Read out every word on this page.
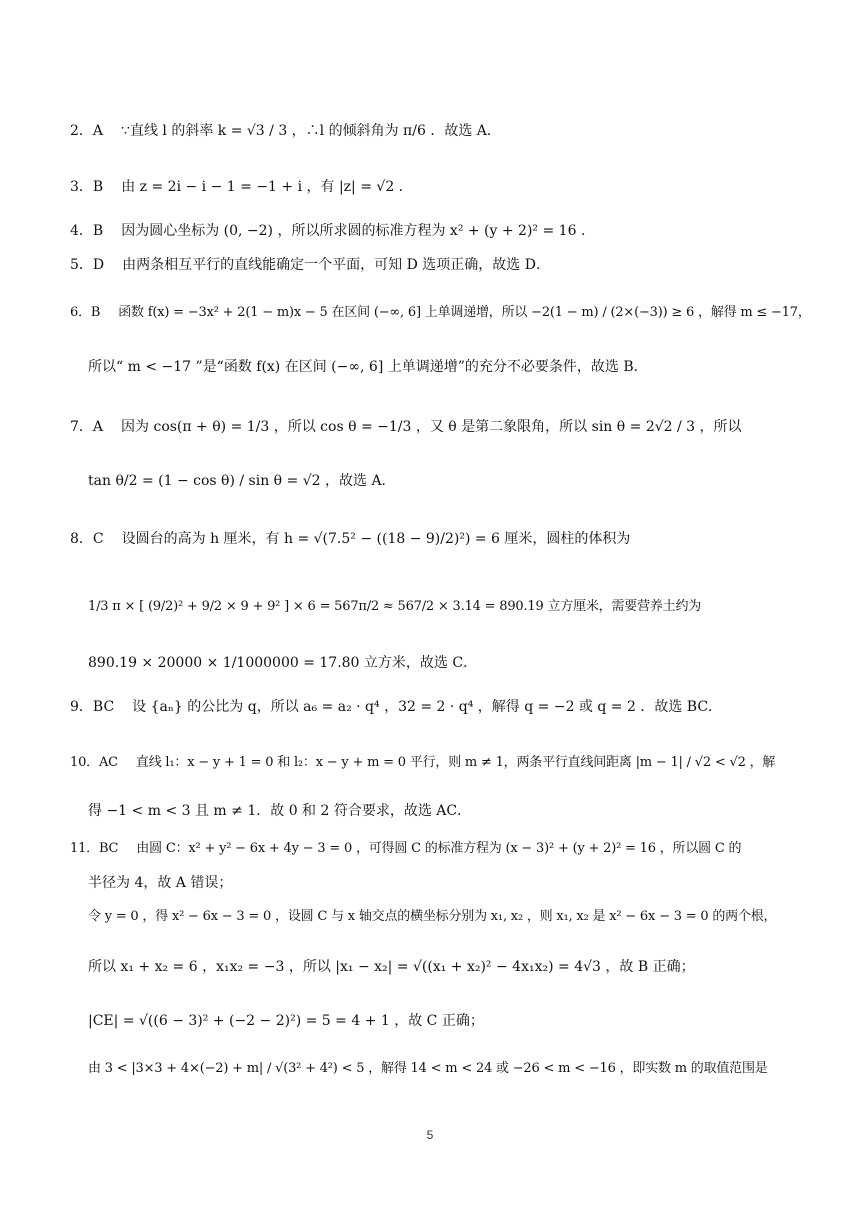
2．A ∵直线 l 的斜率 k = √3 / 3 ，∴l 的倾斜角为 π/6 ．故选 A．
3．B 由 z = 2i − i − 1 = −1 + i ，有 |z| = √2 ．
4．B 因为圆心坐标为 (0, −2) ，所以所求圆的标准方程为 x² + (y + 2)² = 16 ．
5．D 由两条相互平行的直线能确定一个平面，可知 D 选项正确，故选 D．
6．B 函数 f(x) = −3x² + 2(1 − m)x − 5 在区间 (−∞, 6] 上单调递增，所以 −2(1 − m) / (2×(−3)) ≥ 6 ，解得 m ≤ −17，
所以“ m < −17 ”是“函数 f(x) 在区间 (−∞, 6] 上单调递增”的充分不必要条件，故选 B．
7．A 因为 cos(π + θ) = 1/3 ，所以 cos θ = −1/3 ，又 θ 是第二象限角，所以 sin θ = 2√2 / 3 ，所以
tan θ/2 = (1 − cos θ) / sin θ = √2 ，故选 A．
8．C 设圆台的高为 h 厘米，有 h = √(7.5² − ((18 − 9)/2)²) = 6 厘米，圆柱的体积为
1/3 π × [ (9/2)² + 9/2 × 9 + 9² ] × 6 = 567π/2 ≈ 567/2 × 3.14 = 890.19 立方厘米，需要营养土约为
890.19 × 20000 × 1/1000000 = 17.80 立方米，故选 C．
9．BC 设 {aₙ} 的公比为 q，所以 a₆ = a₂ · q⁴ ，32 = 2 · q⁴ ，解得 q = −2 或 q = 2 ．故选 BC．
10．AC 直线 l₁：x − y + 1 = 0 和 l₂：x − y + m = 0 平行，则 m ≠ 1，两条平行直线间距离 |m − 1| / √2 < √2 ，解
得 −1 < m < 3 且 m ≠ 1．故 0 和 2 符合要求，故选 AC．
11．BC 由圆 C：x² + y² − 6x + 4y − 3 = 0 ，可得圆 C 的标准方程为 (x − 3)² + (y + 2)² = 16 ，所以圆 C 的
半径为 4，故 A 错误；
令 y = 0 ，得 x² − 6x − 3 = 0 ，设圆 C 与 x 轴交点的横坐标分别为 x₁, x₂ ，则 x₁, x₂ 是 x² − 6x − 3 = 0 的两个根，
所以 x₁ + x₂ = 6 ，x₁x₂ = −3 ，所以 |x₁ − x₂| = √((x₁ + x₂)² − 4x₁x₂) = 4√3 ，故 B 正确；
|CE| = √((6 − 3)² + (−2 − 2)²) = 5 = 4 + 1 ，故 C 正确；
由 3 < |3×3 + 4×(−2) + m| / √(3² + 4²) < 5 ，解得 14 < m < 24 或 −26 < m < −16 ，即实数 m 的取值范围是
5
